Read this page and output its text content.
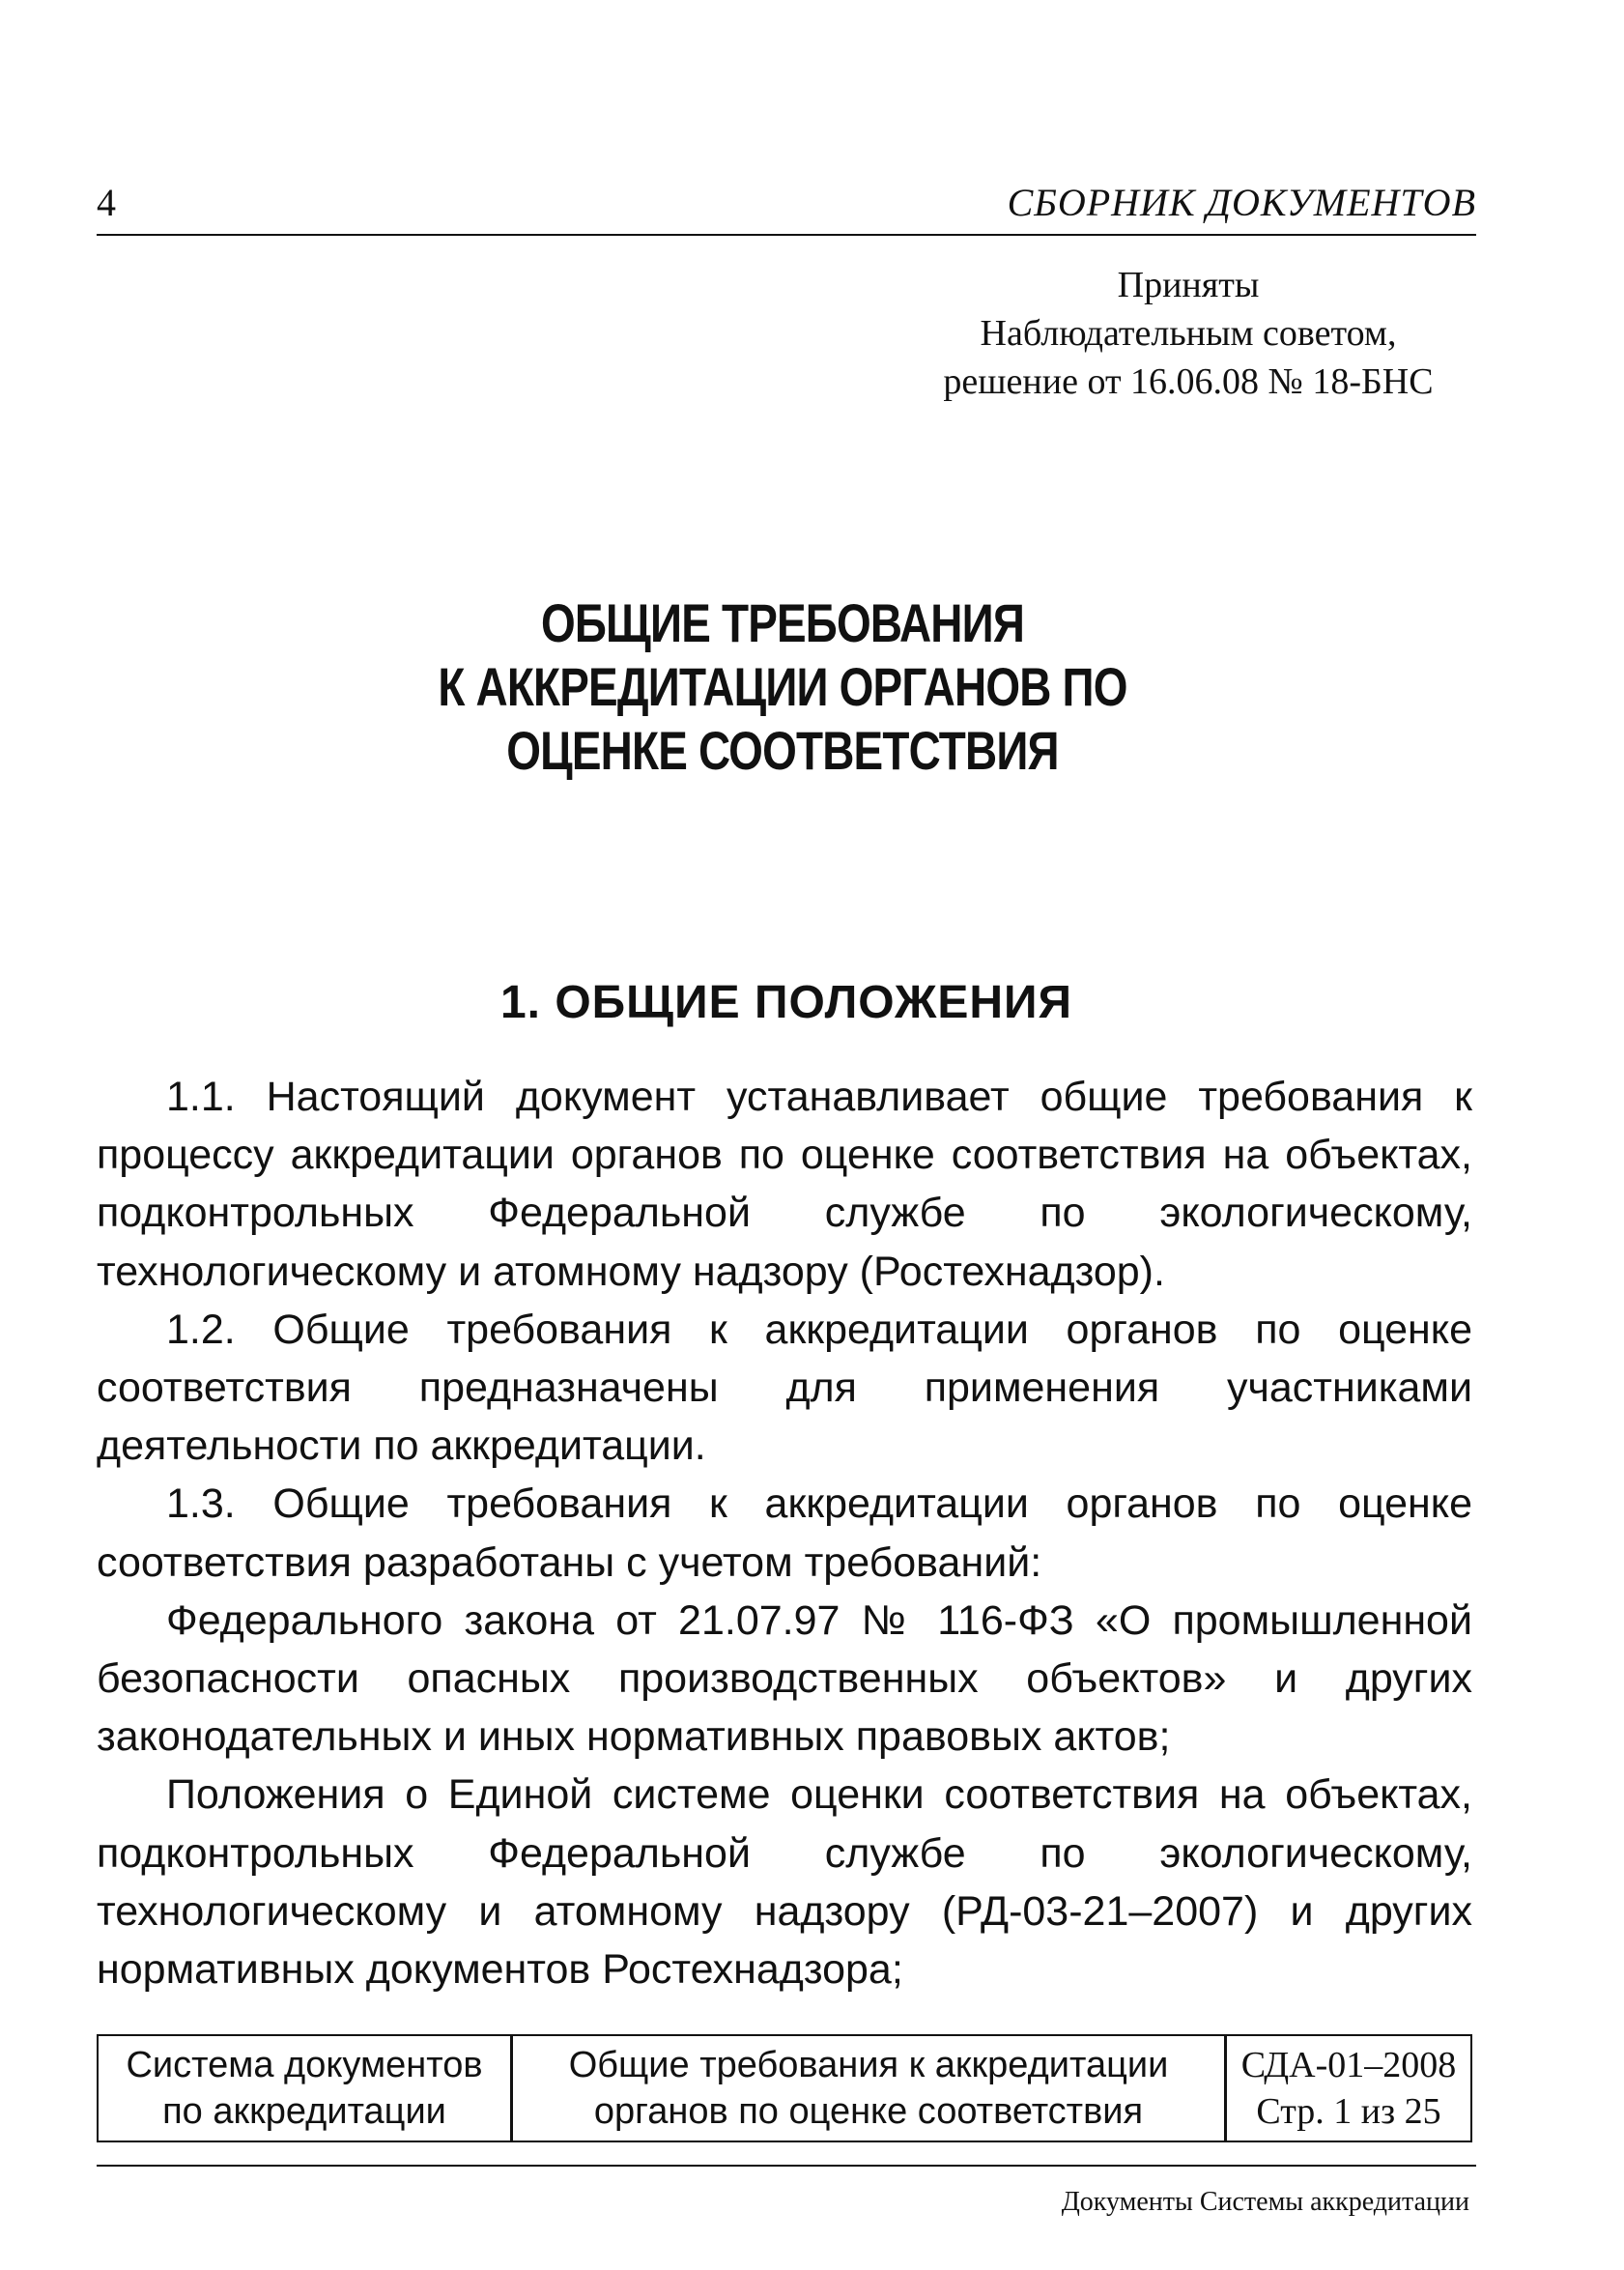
4	СБОРНИК ДОКУМЕНТОВ
Приняты
Наблюдательным советом,
решение от 16.06.08 № 18-БНС
ОБЩИЕ ТРЕБОВАНИЯ
К АККРЕДИТАЦИИ ОРГАНОВ ПО
ОЦЕНКЕ СООТВЕТСТВИЯ
1. ОБЩИЕ ПОЛОЖЕНИЯ

1.1. Настоящий документ устанавливает общие требования к процессу аккредитации органов по оценке соответствия на объектах, подконтрольных Федеральной службе по экологическому, технологическому и атомному надзору (Ростехнадзор).

1.2. Общие требования к аккредитации органов по оценке соответствия предназначены для применения участниками деятельности по аккредитации.

1.3. Общие требования к аккредитации органов по оценке соответствия разработаны с учетом требований:

Федерального закона от 21.07.97 № 116-ФЗ «О промышленной безопасности опасных производственных объектов» и других законодательных и иных нормативных правовых актов;

Положения о Единой системе оценки соответствия на объектах, подконтрольных Федеральной службе по экологическому, технологическому и атомному надзору (РД-03-21–2007) и других нормативных документов Ростехнадзора;

Система документов
по аккредитации
Общие требования к аккредитации
органов по оценке соответствия
СДА-01–2008
Стр. 1 из 25
Документы Системы аккредитации
